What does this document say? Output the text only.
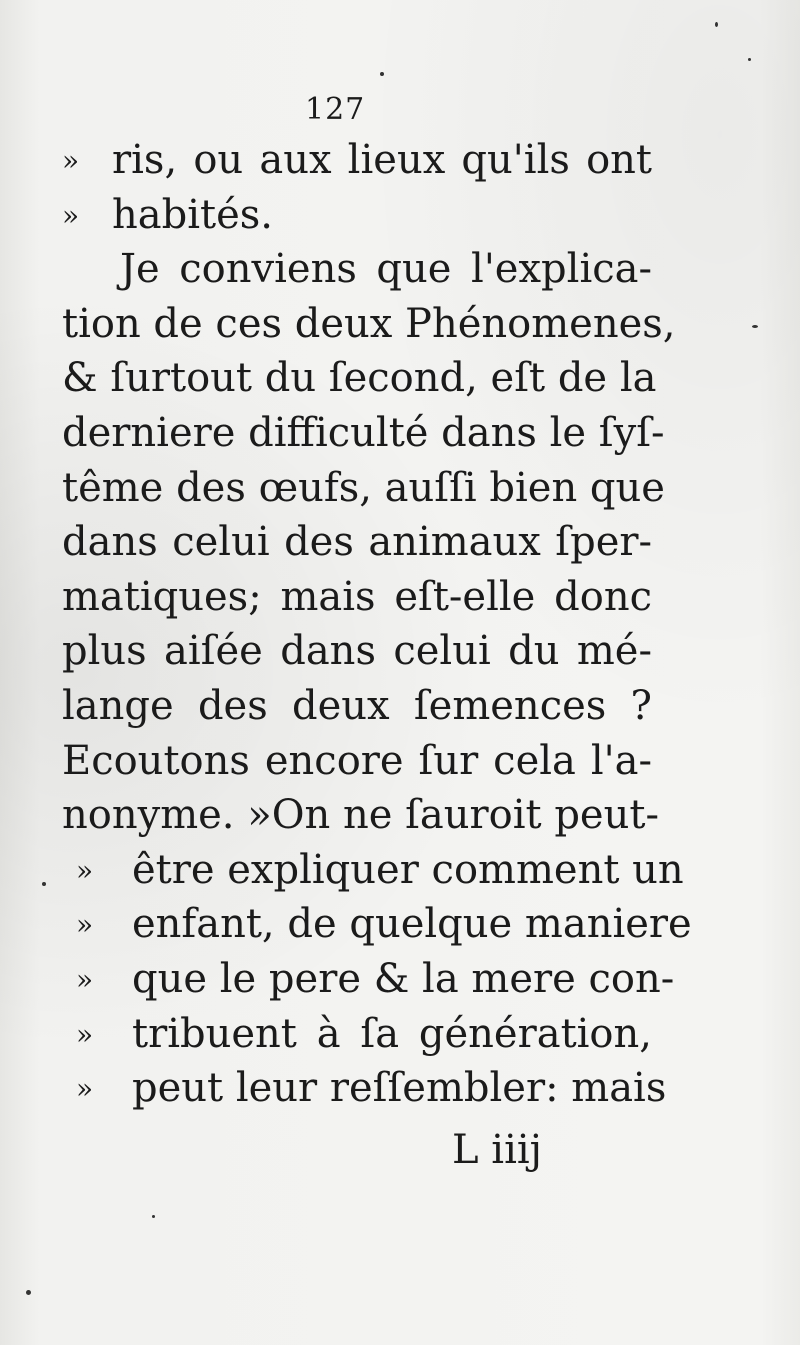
127
» ris, ou aux lieux qu'ils ont
» habités.
Je conviens que l'explica-
tion de ces deux Phénomenes,
& ſurtout du ſecond, eſt de la
derniere difficulté dans le ſyſ-
tême des œufs, auſſi bien que
dans celui des animaux ſper-
matiques; mais eſt-elle donc
plus aiſée dans celui du mé-
lange des deux ſemences ?
Ecoutons encore ſur cela l'a-
nonyme. »On ne ſauroit peut-
» être expliquer comment un
» enfant, de quelque maniere
» que le pere & la mere con-
» tribuent à ſa génération,
» peut leur reſſembler: mais
L iiij
